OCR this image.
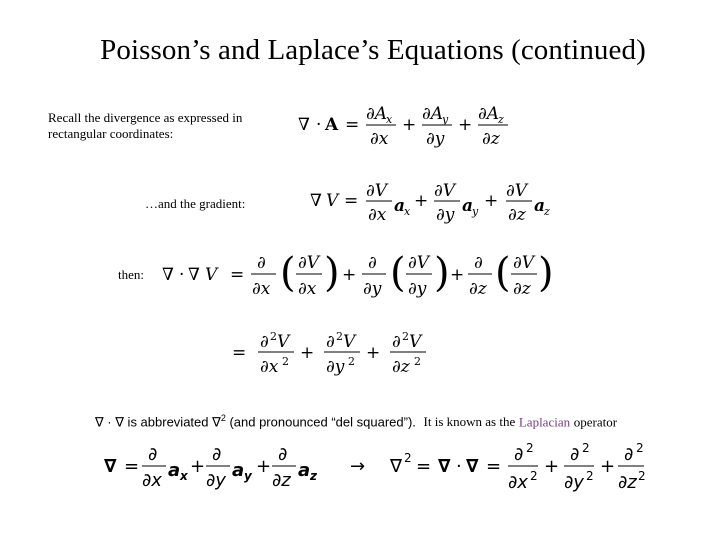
Poisson’s and Laplace’s Equations (continued)
Recall the divergence as expressed in
rectangular coordinates:	∇ · A =
∂A
x
∂x
+
∂A
y
∂y
+
∂A
z
∂z
…and the gradient:	∇ V = ∂V
∂x a
x
+ ∂V
∂y a
y
+ ∂V
∂z a
z
then: ∇ · ∇ V =
∂
∂x ( ∂V
∂x ) +
∂
∂y ( ∂V
∂y ) +
∂
∂z ( ∂V
∂z )
=
∂ 2 V
∂x 2 +
∂ 2 V
∂y 2 +
∂ 2 V
∂z 2
∇ · ∇ is abbreviated ∇$^2$ (and pronounced “del squared”). It is known as the Laplacian operator
∇ =
∂
∂x a x +
∂
∂y a y +
∂
∂z a z → ∇ 2 = ∇ · ∇ =
∂ 2
∂x 2 +
∂ 2
∂y 2 +
∂ 2
∂z 2
